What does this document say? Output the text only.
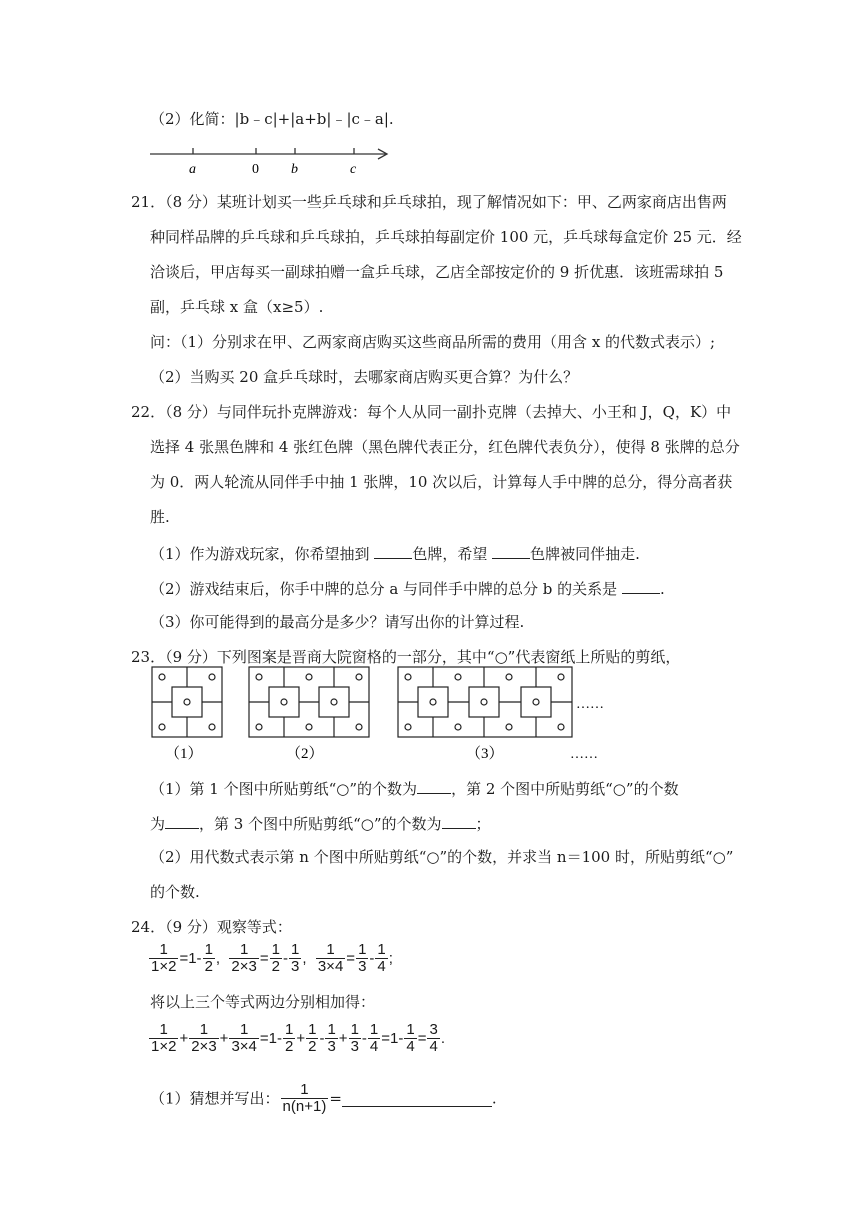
（2）化简：|b﹣c|+|a+b|﹣|c﹣a|.
a	0 b	c
21．（8 分）某班计划买一些乒乓球和乒乓球拍，现了解情况如下：甲、乙两家商店出售两
种同样品牌的乒乓球和乒乓球拍，乒乓球拍每副定价 100 元，乒乓球每盒定价 25 元．经
洽谈后，甲店每买一副球拍赠一盒乒乓球，乙店全部按定价的 9 折优惠．该班需球拍 5
副，乒乓球 x 盒（x≥5）.
问：（1）分别求在甲、乙两家商店购买这些商品所需的费用（用含 x 的代数式表示）;
（2）当购买 20 盒乒乓球时，去哪家商店购买更合算？为什么？
22．（8 分）与同伴玩扑克牌游戏：每个人从同一副扑克牌（去掉大、小王和 J，Q，K）中
选择 4 张黑色牌和 4 张红色牌（黑色牌代表正分，红色牌代表负分），使得 8 张牌的总分
为 0．两人轮流从同伴手中抽 1 张牌，10 次以后，计算每人手中牌的总分，得分高者获
胜.
（1）作为游戏玩家，你希望抽到	色牌，希望	色牌被同伴抽走.
（2）游戏结束后，你手中牌的总分 a 与同伴手中牌的总分 b 的关系是	.
（3）你可能得到的最高分是多少？请写出你的计算过程.
23．（9 分）下列图案是晋商大院窗格的一部分，其中“○”代表窗纸上所贴的剪纸，
……
（1）	（2）	（3）	……
（1）第 1 个图中所贴剪纸“○”的个数为 ，第 2 个图中所贴剪纸“○”的个数
为 ，第 3 个图中所贴剪纸“○”的个数为 ；
（2）用代数式表示第 n 个图中所贴剪纸“○”的个数，并求当 n＝100 时，所贴剪纸“○”
的个数.
24．（9 分）观察等式：
$\frac{1}{1\times 2} =1- \frac{1}{2}$ , $\frac{1}{2\times 3} = \frac{1}{2} - \frac{1}{3}$ , $\frac{1}{3\times 4} = \frac{1}{3} - \frac{1}{4}$ ;
将以上三个等式两边分别相加得：
$\frac{1}{1\times 2} + \frac{1}{2\times 3} + \frac{1}{3\times 4} =1- \frac{1}{2} + \frac{1}{2} - \frac{1}{3} + \frac{1}{3} - \frac{1}{4} =1- \frac{1}{4} = \frac{3}{4}$ .
（1）猜想并写出： $\frac{1}{n(n+1)}$ =	.
